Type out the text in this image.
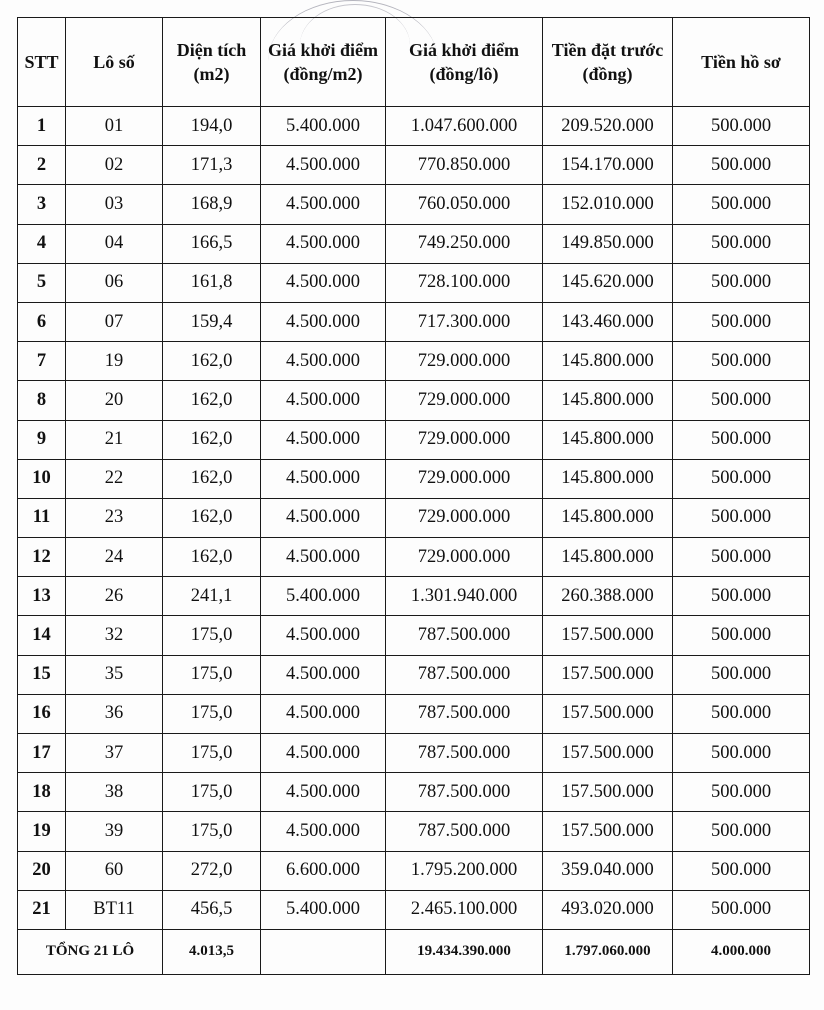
STT	Lô số	Diện tích (m2)	Giá khởi điểm (đồng/m2)	Giá khởi điểm (đồng/lô)	Tiền đặt trước (đồng)	Tiền hồ sơ
1	01	194,0	5.400.000	1.047.600.000	209.520.000	500.000
2	02	171,3	4.500.000	770.850.000	154.170.000	500.000
3	03	168,9	4.500.000	760.050.000	152.010.000	500.000
4	04	166,5	4.500.000	749.250.000	149.850.000	500.000
5	06	161,8	4.500.000	728.100.000	145.620.000	500.000
6	07	159,4	4.500.000	717.300.000	143.460.000	500.000
7	19	162,0	4.500.000	729.000.000	145.800.000	500.000
8	20	162,0	4.500.000	729.000.000	145.800.000	500.000
9	21	162,0	4.500.000	729.000.000	145.800.000	500.000
10	22	162,0	4.500.000	729.000.000	145.800.000	500.000
11	23	162,0	4.500.000	729.000.000	145.800.000	500.000
12	24	162,0	4.500.000	729.000.000	145.800.000	500.000
13	26	241,1	5.400.000	1.301.940.000	260.388.000	500.000
14	32	175,0	4.500.000	787.500.000	157.500.000	500.000
15	35	175,0	4.500.000	787.500.000	157.500.000	500.000
16	36	175,0	4.500.000	787.500.000	157.500.000	500.000
17	37	175,0	4.500.000	787.500.000	157.500.000	500.000
18	38	175,0	4.500.000	787.500.000	157.500.000	500.000
19	39	175,0	4.500.000	787.500.000	157.500.000	500.000
20	60	272,0	6.600.000	1.795.200.000	359.040.000	500.000
21	BT11	456,5	5.400.000	2.465.100.000	493.020.000	500.000
TỔNG 21 LÔ		4.013,5		19.434.390.000	1.797.060.000	4.000.000
